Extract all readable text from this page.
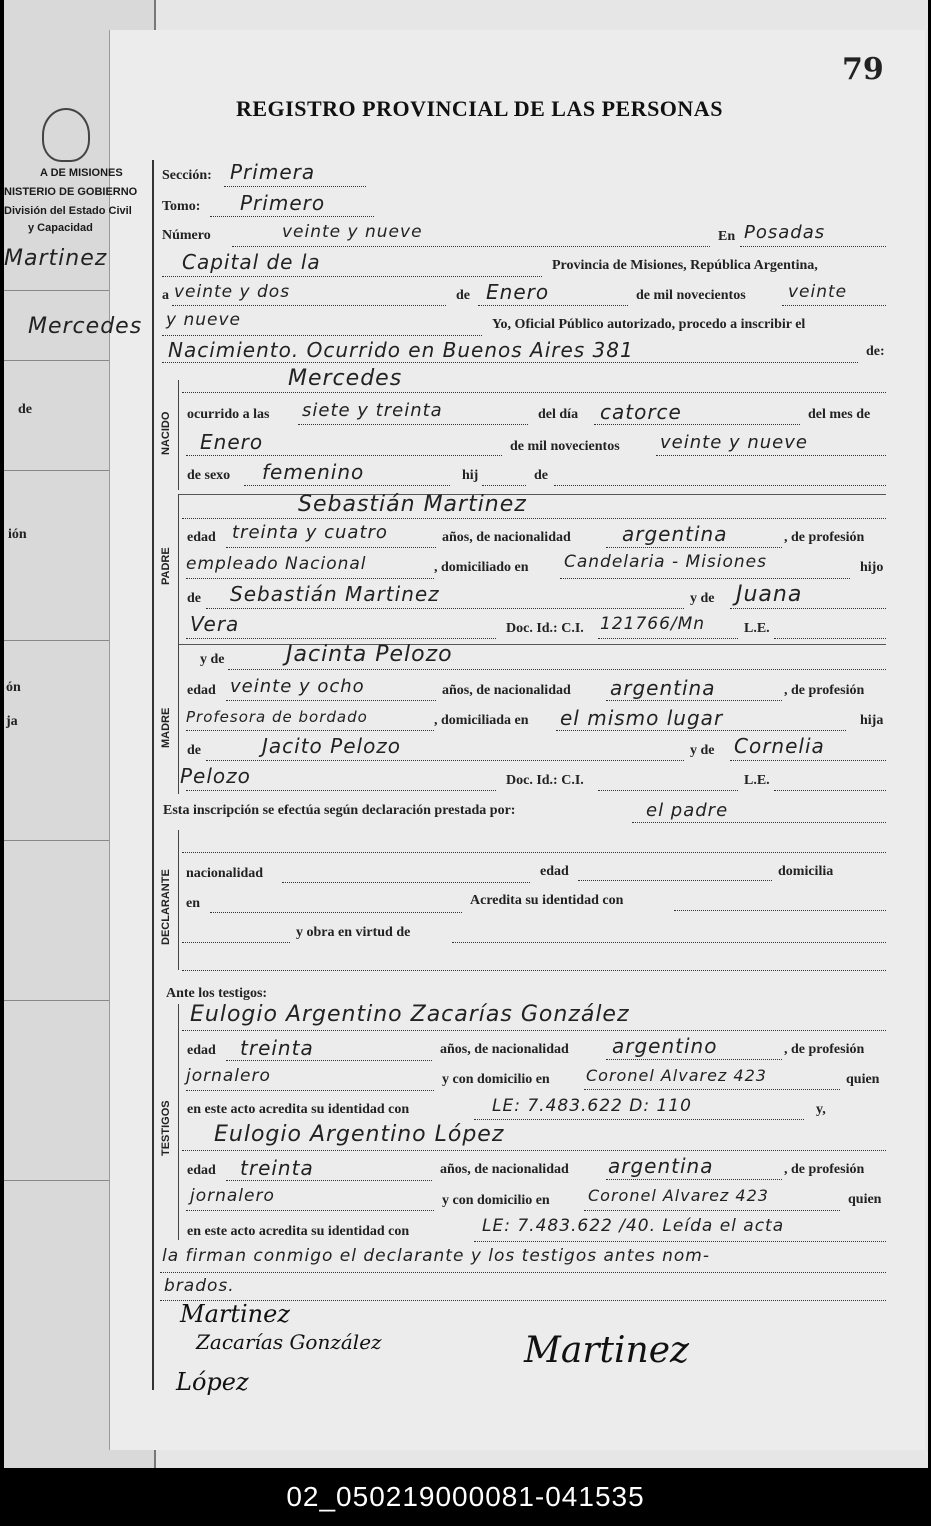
79
REGISTRO PROVINCIAL DE LAS PERSONAS
A DE MISIONES
NISTERIO DE GOBIERNO
División del Estado Civil
y Capacidad
Martinez
Mercedes
de
ión
ón
ja
Sección: Primera
Tomo: Primero
Número	veinte y nueve	En Posadas
Capital de la	Provincia de Misiones, República Argentina,
a veinte y dos	de Enero	de mil novecientos veinte
y nueve	Yo, Oficial Público autorizado, procedo a inscribir el
Nacimiento. Ocurrido en Buenos Aires 381	de:
NACIDO
Mercedes
ocurrido a las siete y treinta	del día catorce	del mes de
Enero	de mil novecientos veinte y nueve
de sexo femenino	hij	de
PADRE
Sebastián Martinez
edad treinta y cuatro	años, de nacionalidad	argentina	, de profesión
empleado Nacional	, domiciliado en Candelaria - Misiones	hijo
de Sebastián Martinez	y de Juana
Vera	Doc. Id.: C.I. 121766/Mn	L.E.
MADRE
y de	Jacinta Pelozo
edad veinte y ocho	años, de nacionalidad argentina	, de profesión
Profesora de bordado	, domiciliada en el mismo lugar	hija
de	Jacito Pelozo	y de Cornelia
Pelozo	Doc. Id.: C.I.	L.E.
Esta inscripción se efectúa según declaración prestada por:	el padre
DECLARANTE nacionalidad	edad	domicilia
en	Acredita su identidad con
y obra en virtud de
Ante los testigos:
TESTIGOS
Eulogio Argentino Zacarías González
edad treinta	años, de nacionalidad argentino	, de profesión
jornalero	y con domicilio en Coronel Alvarez 423	quien
en este acto acredita su identidad con	LE: 7.483.622 D: 110	y,
Eulogio Argentino López
edad treinta	años, de nacionalidad argentina	, de profesión
jornalero	y con domicilio en Coronel Alvarez 423	quien
en este acto acredita su identidad con	LE: 7.483.622 /40. Leída el acta
la firman conmigo el declarante y los testigos antes nom-
brados.
Martinez
Zacarías González
López
Martinez
02_050219000081-041535
